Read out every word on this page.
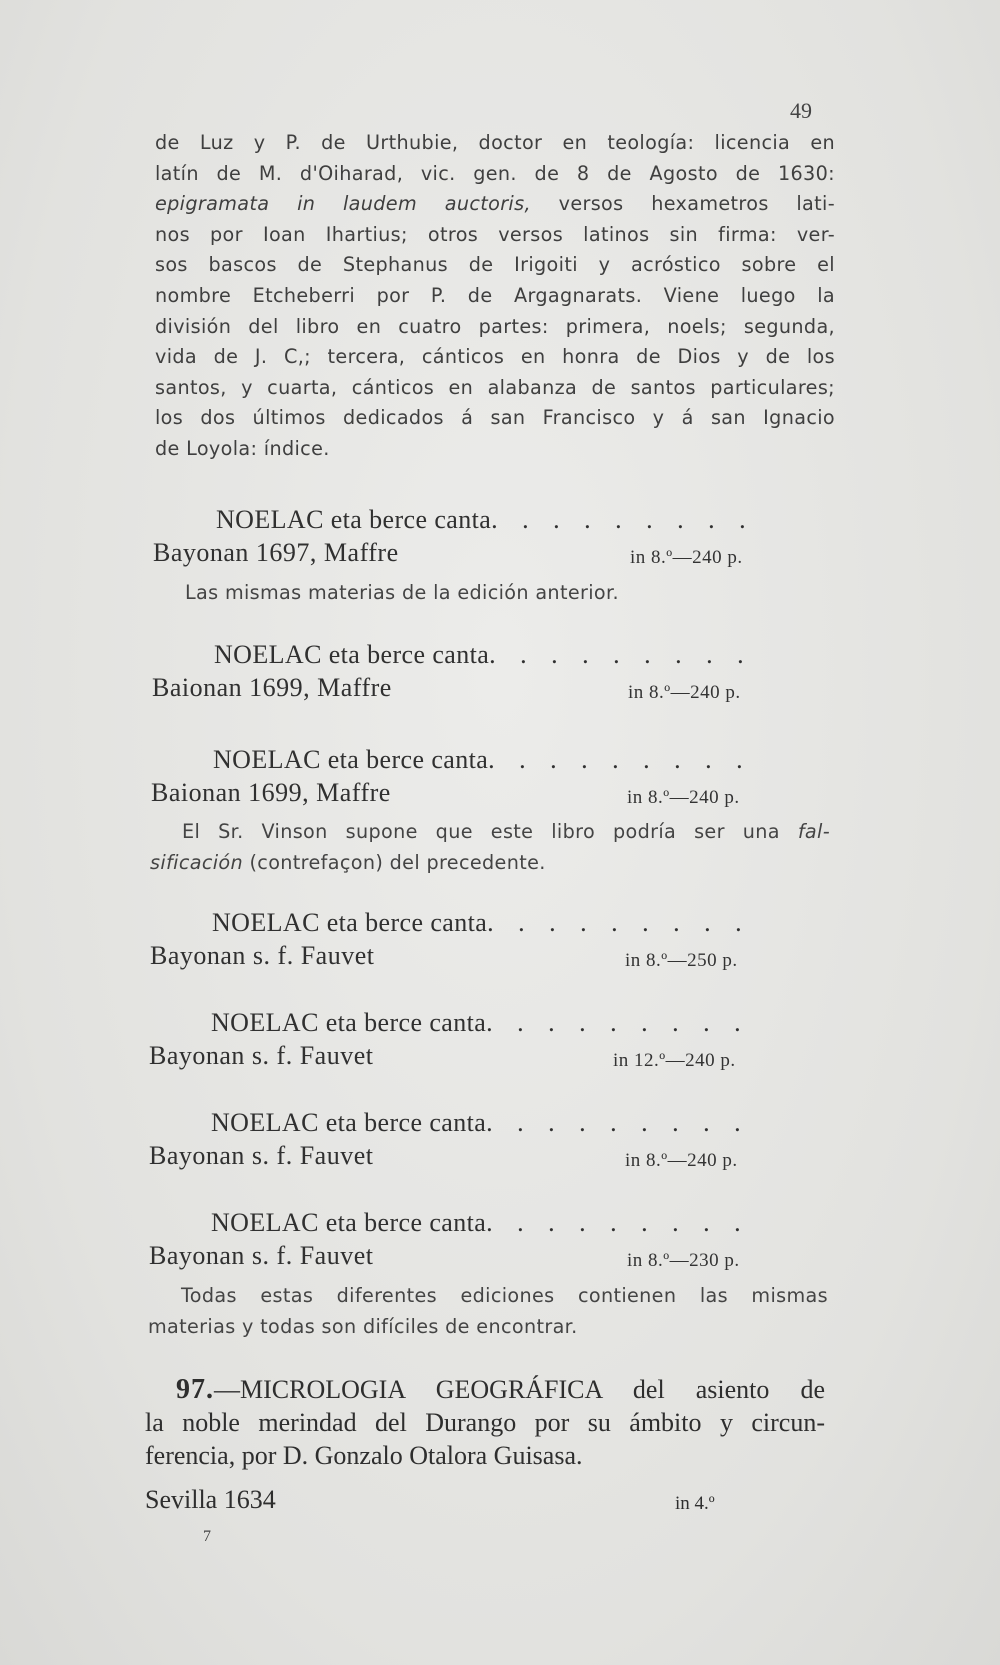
49

de Luz y P. de Urthubie, doctor en teología: licencia en

latín de M. d'Oiharad, vic. gen. de 8 de Agosto de 1630:

epigramata in laudem auctoris, versos hexametros lati-

nos por Ioan Ihartius; otros versos latinos sin firma: ver-

sos bascos de Stephanus de Irigoiti y acróstico sobre el

nombre Etcheberri por P. de Argagnarats. Viene luego la

división del libro en cuatro partes: primera, noels; segunda,

vida de J. C,; tercera, cánticos en honra de Dios y de los

santos, y cuarta, cánticos en alabanza de santos particulares;

los dos últimos dedicados á san Francisco y á san Ignacio

de Loyola: índice.

NOELAC eta berce canta. . . . . . . . .
Bayonan 1697, Maffre	in 8.º—240 p.

Las mismas materias de la edición anterior.

NOELAC eta berce canta. . . . . . . . .
Baionan 1699, Maffre	in 8.º—240 p.
NOELAC eta berce canta. . . . . . . . .
Baionan 1699, Maffre	in 8.º—240 p.

El Sr. Vinson supone que este libro podría ser una fal-

sificación (contrefaçon) del precedente.

NOELAC eta berce canta. . . . . . . . .
Bayonan s. f. Fauvet	in 8.º—250 p.
NOELAC eta berce canta. . . . . . . . .
Bayonan s. f. Fauvet	in 12.º—240 p.
NOELAC eta berce canta. . . . . . . . .
Bayonan s. f. Fauvet	in 8.º—240 p.
NOELAC eta berce canta. . . . . . . . .
Bayonan s. f. Fauvet	in 8.º—230 p.

Todas estas diferentes ediciones contienen las mismas

materias y todas son difíciles de encontrar.

97.—MICROLOGIA GEOGRÁFICA del asiento de

la noble merindad del Durango por su ámbito y circun-

ferencia, por D. Gonzalo Otalora Guisasa.

Sevilla 1634	in 4.º
7
